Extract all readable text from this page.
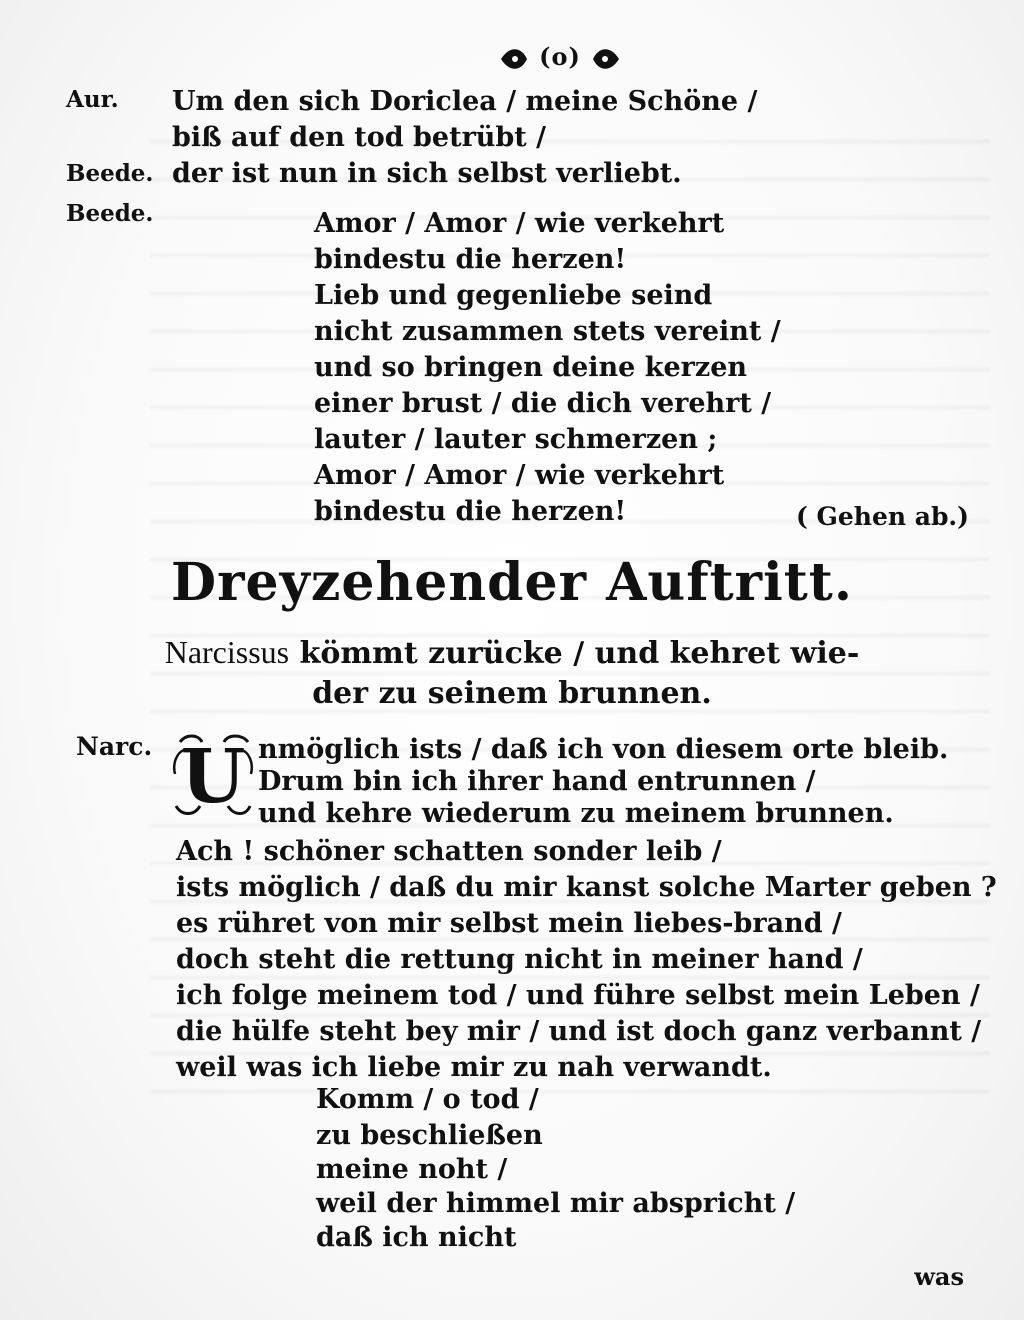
(o)
Aur. Um den sich Doriclea / meine Schöne /
biß auf den tod betrübt /
Beede. der ist nun in sich selbst verliebt.
Beede.	Amor / Amor / wie verkehrt
bindestu die herzen!
Lieb und gegenliebe seind
nicht zusammen stets vereint /
und so bringen deine kerzen
einer brust / die dich verehrt /
lauter / lauter schmerzen ;
Amor / Amor / wie verkehrt
bindestu die herzen!	( Gehen ab.)
Dreyzehender Auftritt.
Narcissus kömmt zurücke / und kehret wie-
der zu seinem brunnen.
Narc. U nmöglich ists / daß ich von diesem orte bleib.
Drum bin ich ihrer hand entrunnen /
und kehre wiederum zu meinem brunnen.
Ach ! schöner schatten sonder leib /
ists möglich / daß du mir kanst solche Marter geben ?
es rühret von mir selbst mein liebes-brand /
doch steht die rettung nicht in meiner hand /
ich folge meinem tod / und führe selbst mein Leben /
die hülfe steht bey mir / und ist doch ganz verbannt /
weil was ich liebe mir zu nah verwandt.
Komm / o tod /
zu beschließen
meine noht /
weil der himmel mir abspricht /
daß ich nicht
was
